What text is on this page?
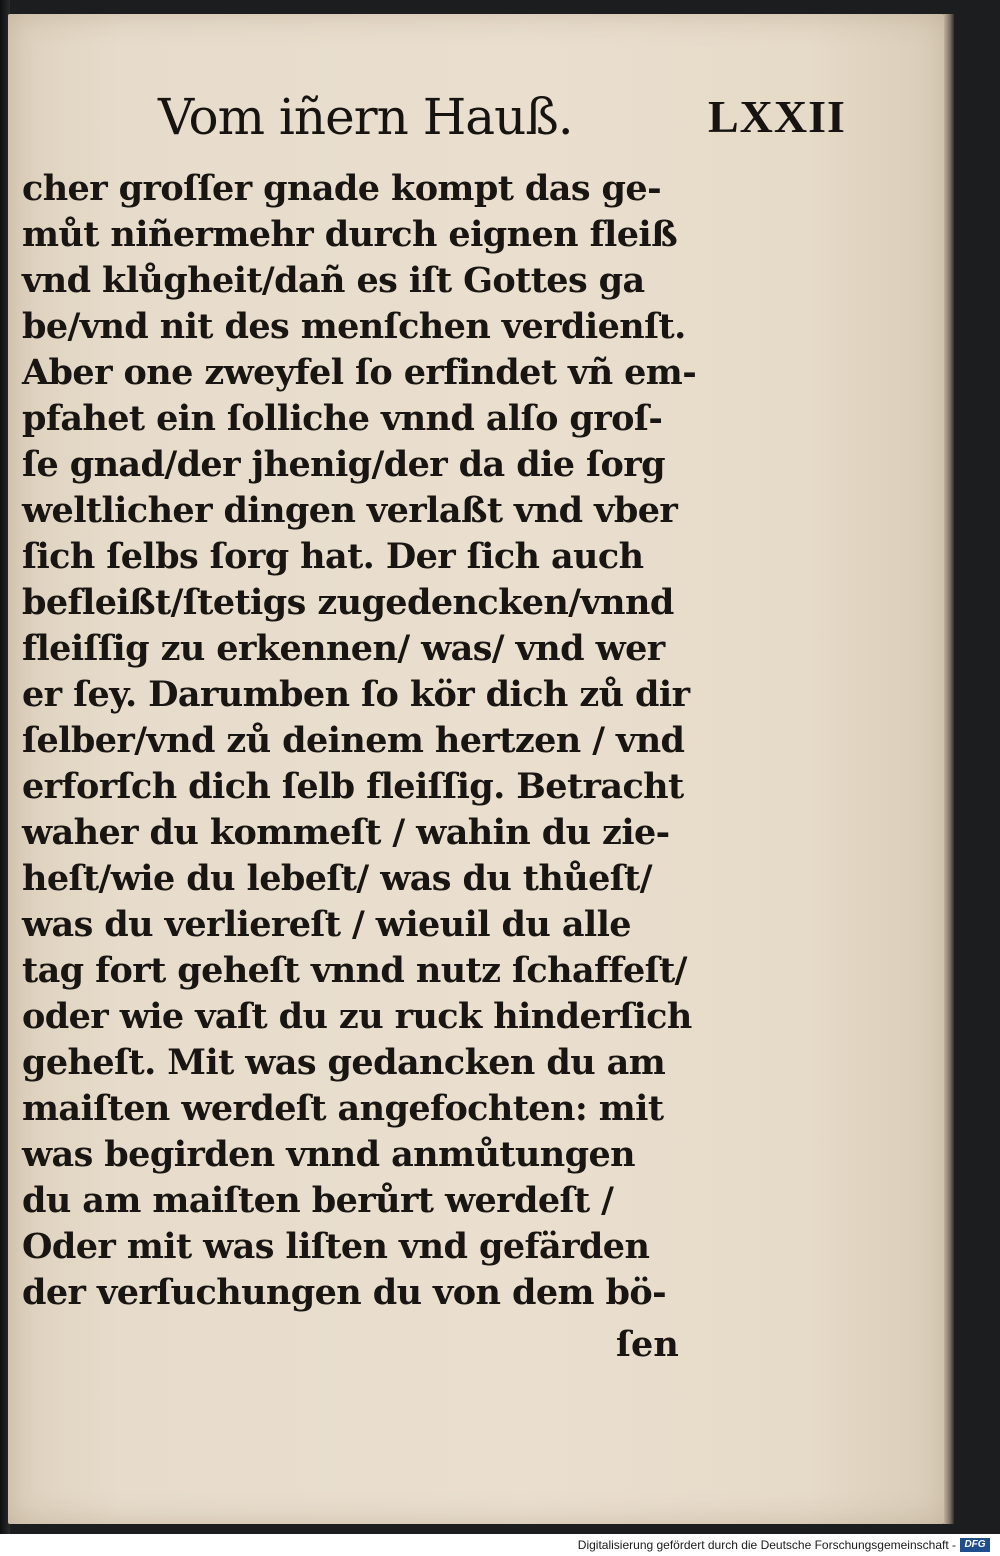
Vom iñern Hauß.	LXXII
cher groſſer gnade kompt das ge-
můt niñermehr durch eignen fleiß
vnd klůgheit/dañ es iſt Gottes ga
be/vnd nit des menſchen verdienſt.
Aber one zweyfel ſo erfindet vñ em-
pfahet ein ſolliche vnnd alſo groſ-
ſe gnad/der jhenig/der da die ſorg
weltlicher dingen verlaßt vnd vber
ſich ſelbs ſorg hat. Der ſich auch
befleißt/ſtetigs zugedencken/vnnd
fleiſſig zu erkennen/ was/ vnd wer
er ſey. Darumben ſo kör dich zů dir
ſelber/vnd zů deinem hertzen / vnd
erforſch dich ſelb fleiſſig. Betracht
waher du kommeſt / wahin du zie-
heſt/wie du lebeſt/ was du thůeſt/
was du verliereſt / wieuil du alle
tag fort geheſt vnnd nutz ſchaffeſt/
oder wie vaſt du zu ruck hinderſich
geheſt. Mit was gedancken du am
maiſten werdeſt angefochten: mit
was begirden vnnd anmůtungen
du am maiſten berůrt werdeſt /
Oder mit was liſten vnd gefärden
der verſuchungen du von dem bö-
ſen
Digitalisierung gefördert durch die Deutsche Forschungsgemeinschaft - DFG
